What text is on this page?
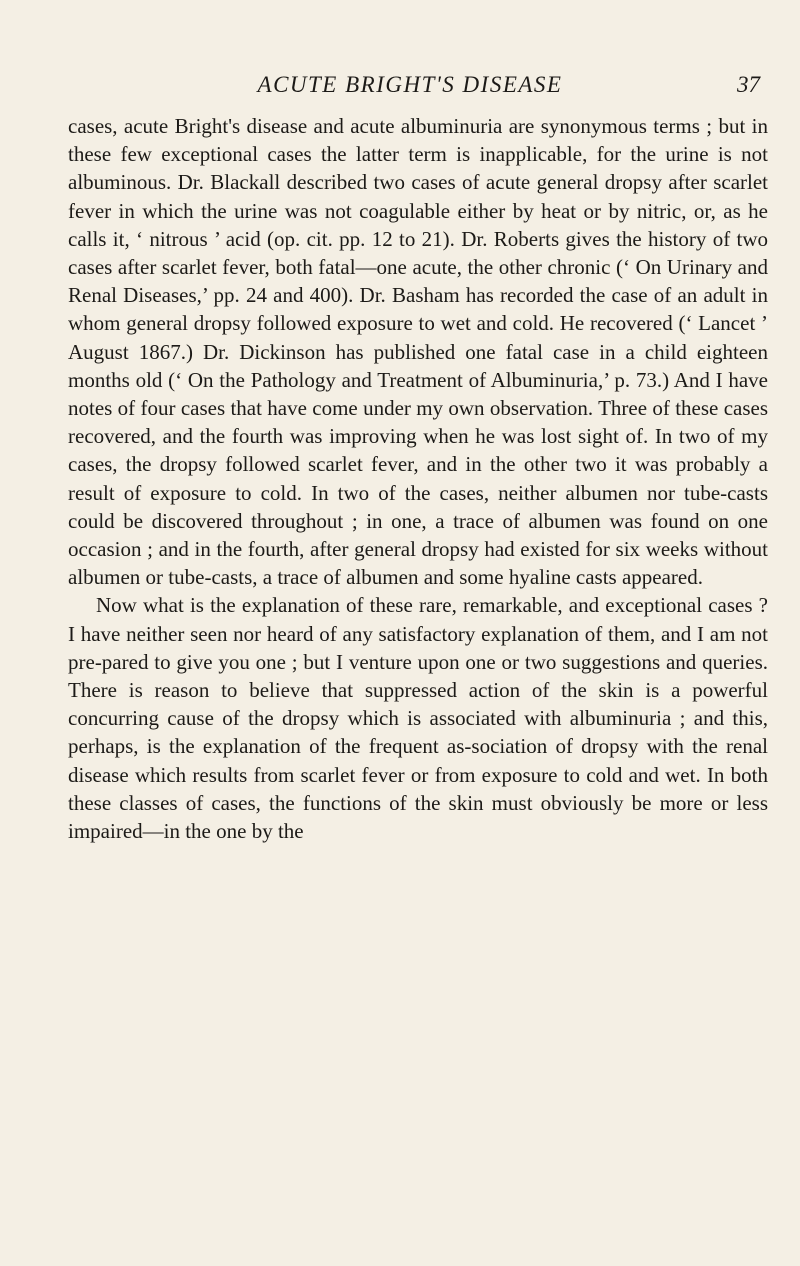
ACUTE BRIGHT'S DISEASE	37

cases, acute Bright's disease and acute albuminuria are synonymous terms ; but in these few exceptional cases the latter term is inapplicable, for the urine is not albuminous. Dr. Blackall described two cases of acute general dropsy after scarlet fever in which the urine was not coagulable either by heat or by nitric, or, as he calls it, ‘ nitrous ’ acid (op. cit. pp. 12 to 21). Dr. Roberts gives the history of two cases after scarlet fever, both fatal—one acute, the other chronic (‘ On Urinary and Renal Diseases,’ pp. 24 and 400). Dr. Basham has recorded the case of an adult in whom general dropsy followed exposure to wet and cold. He recovered (‘ Lancet ’ August 1867.) Dr. Dickinson has published one fatal case in a child eighteen months old (‘ On the Pathology and Treatment of Albuminuria,’ p. 73.) And I have notes of four cases that have come under my own observation. Three of these cases recovered, and the fourth was improving when he was lost sight of. In two of my cases, the dropsy followed scarlet fever, and in the other two it was probably a result of exposure to cold. In two of the cases, neither albumen nor tube-casts could be discovered throughout ; in one, a trace of albumen was found on one occasion ; and in the fourth, after general dropsy had existed for six weeks without albumen or tube-casts, a trace of albumen and some hyaline casts appeared.

Now what is the explanation of these rare, remarkable, and exceptional cases ? I have neither seen nor heard of any satisfactory explanation of them, and I am not pre-pared to give you one ; but I venture upon one or two suggestions and queries. There is reason to believe that suppressed action of the skin is a powerful concurring cause of the dropsy which is associated with albuminuria ; and this, perhaps, is the explanation of the frequent as-sociation of dropsy with the renal disease which results from scarlet fever or from exposure to cold and wet. In both these classes of cases, the functions of the skin must obviously be more or less impaired—in the one by the
